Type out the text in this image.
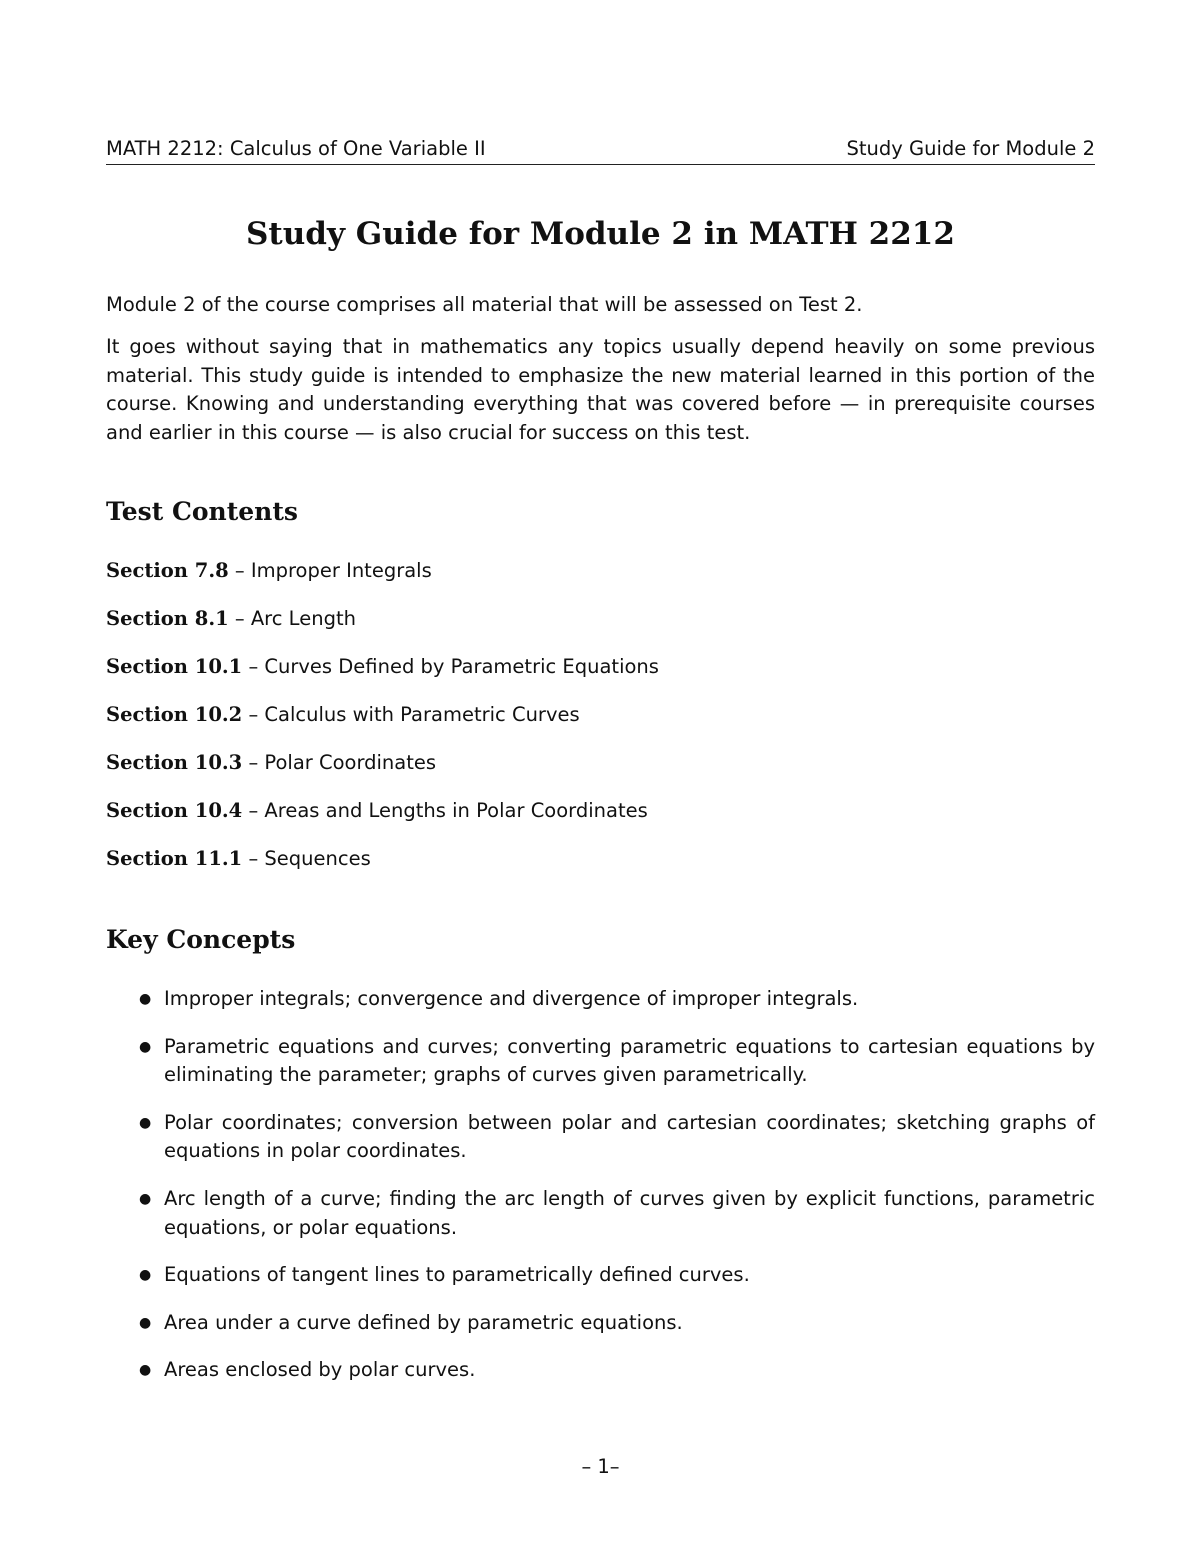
MATH 2212: Calculus of One Variable II	Study Guide for Module 2
Study Guide for Module 2 in MATH 2212

Module 2 of the course comprises all material that will be assessed on Test 2.

It goes without saying that in mathematics any topics usually depend heavily on some previous material. This study guide is intended to emphasize the new material learned in this portion of the course. Knowing and understanding everything that was covered before — in prerequisite courses and earlier in this course — is also crucial for success on this test.

Test Contents
Section 7.8 – Improper Integrals
Section 8.1 – Arc Length
Section 10.1 – Curves Defined by Parametric Equations
Section 10.2 – Calculus with Parametric Curves
Section 10.3 – Polar Coordinates
Section 10.4 – Areas and Lengths in Polar Coordinates
Section 11.1 – Sequences
Key Concepts
● Improper integrals; convergence and divergence of improper integrals.
● Parametric equations and curves; converting parametric equations to cartesian equations by eliminating the parameter; graphs of curves given parametrically.
● Polar coordinates; conversion between polar and cartesian coordinates; sketching graphs of equations in polar coordinates.
● Arc length of a curve; finding the arc length of curves given by explicit functions, parametric equations, or polar equations.
● Equations of tangent lines to parametrically defined curves.
● Area under a curve defined by parametric equations.
● Areas enclosed by polar curves.
– 1–
